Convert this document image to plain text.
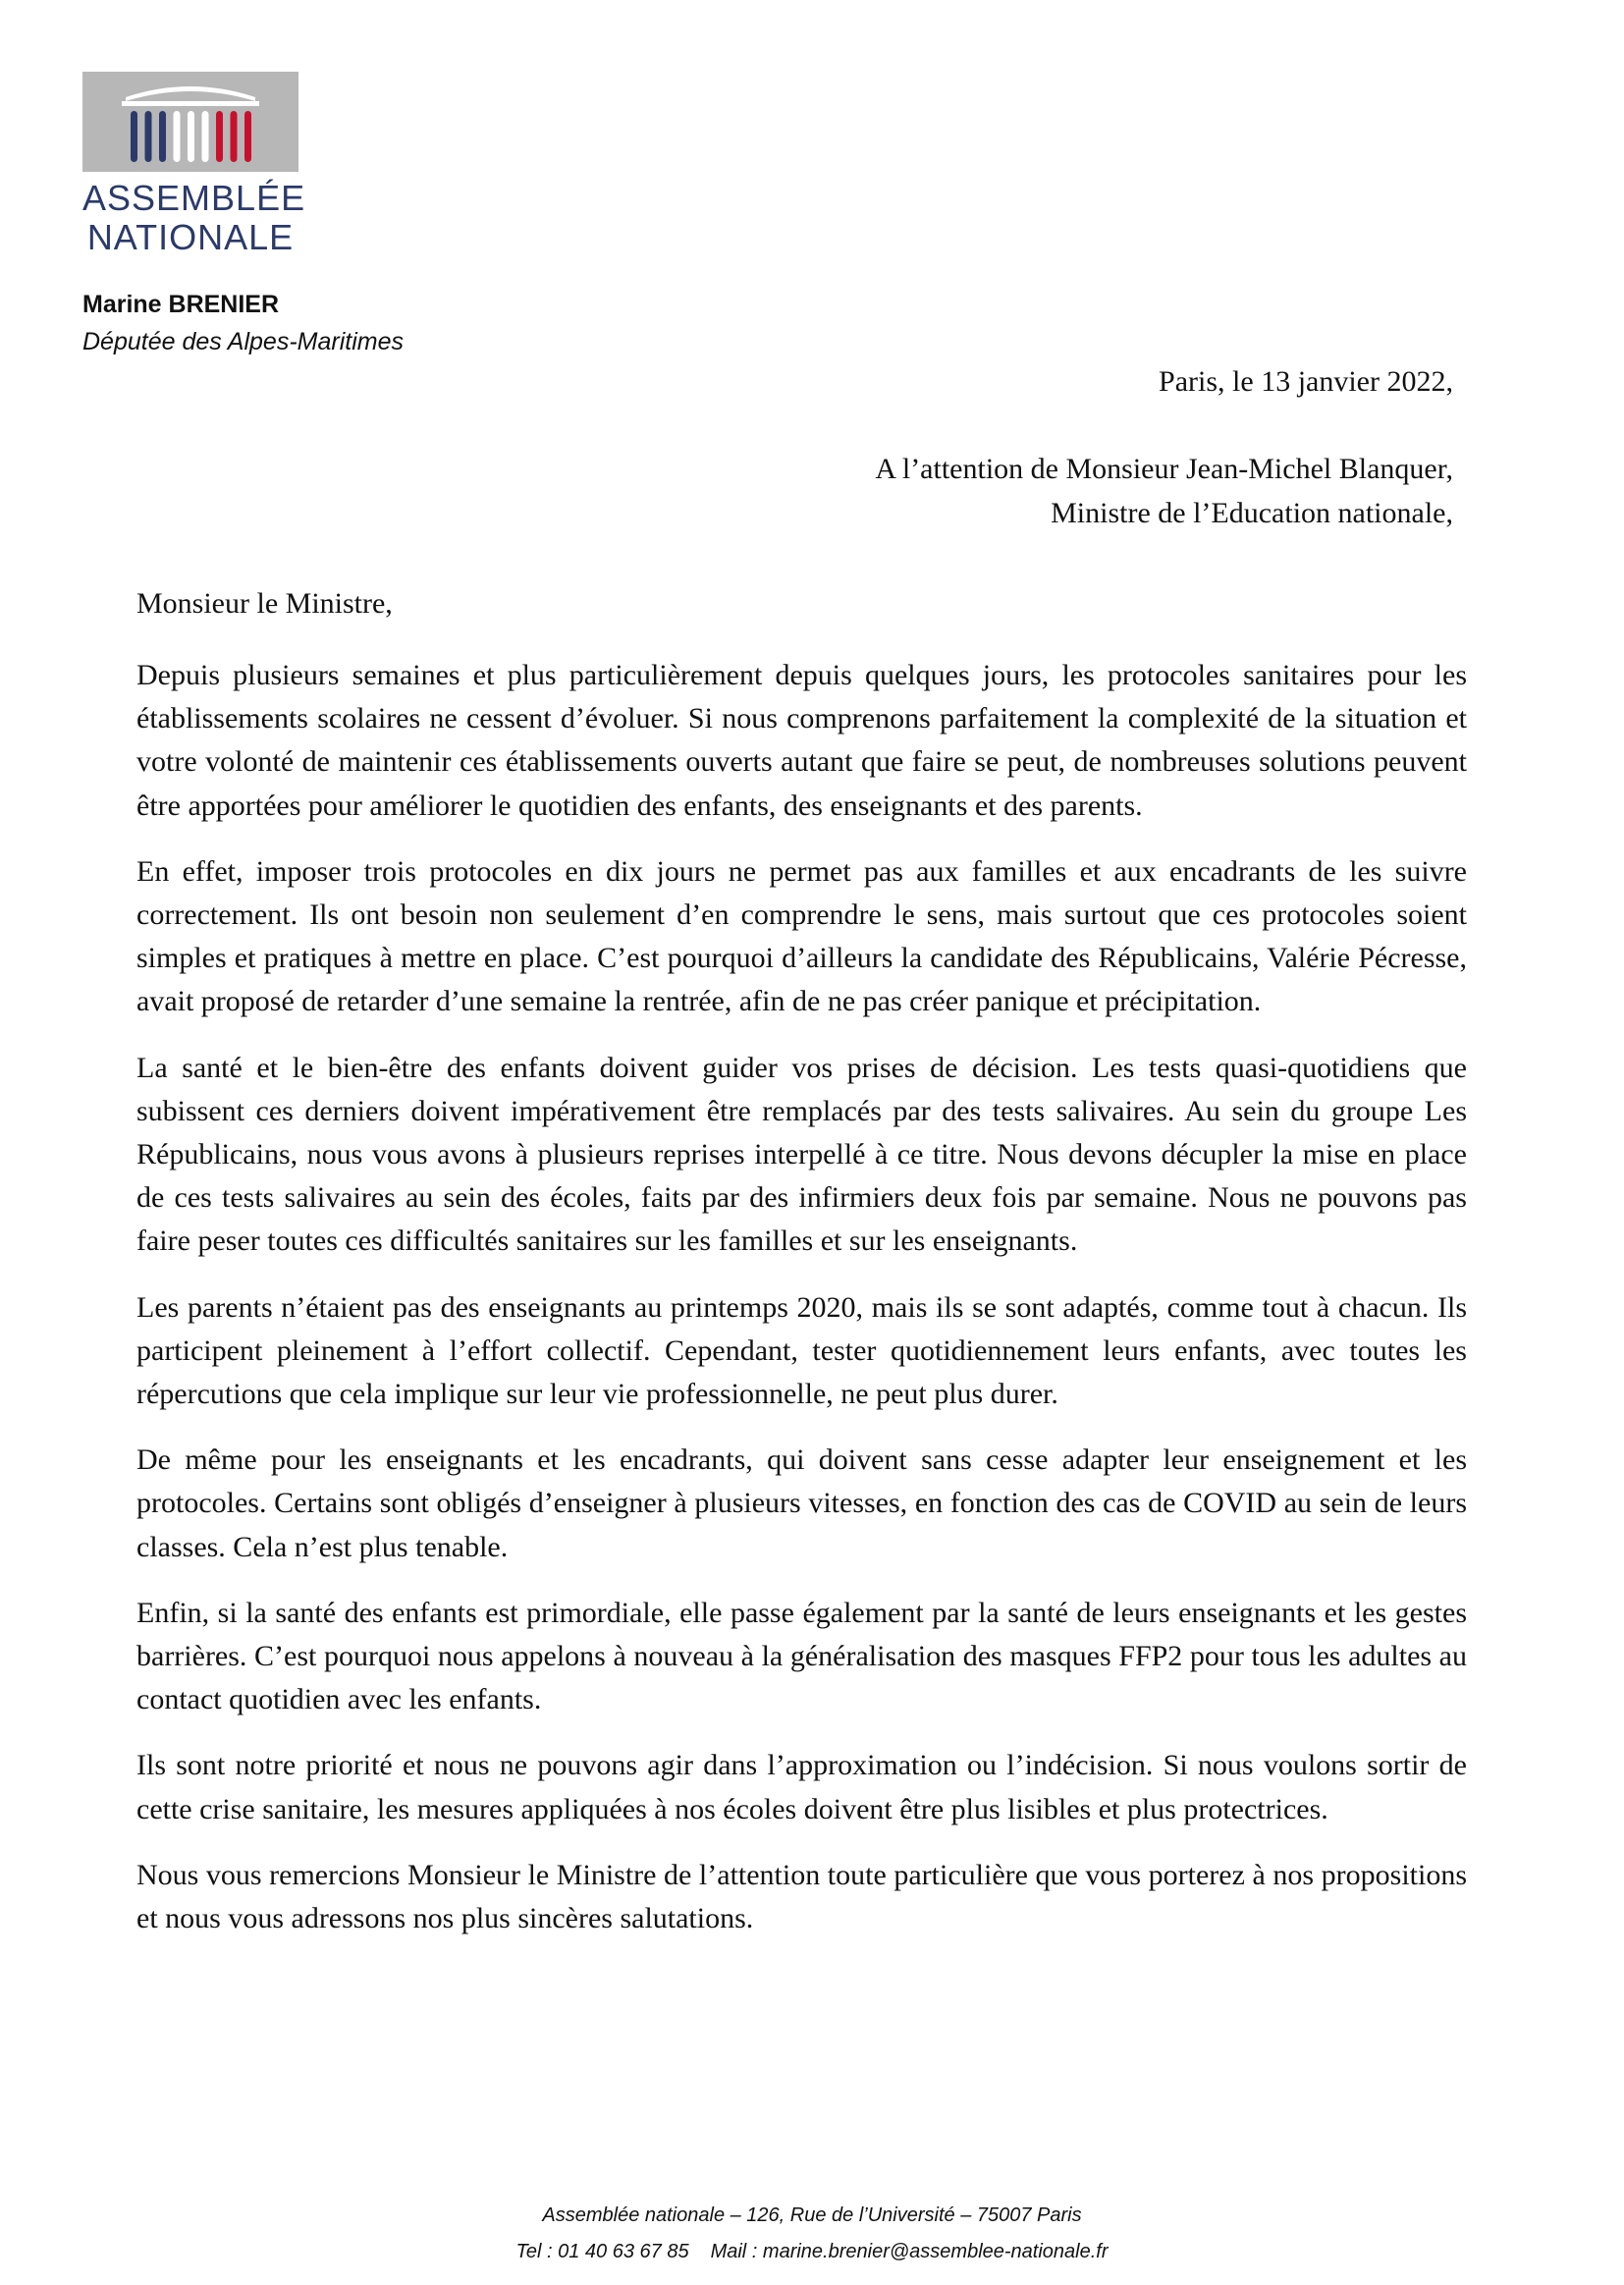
ASSEMBLÉE
NATIONALE
Marine BRENIER
Députée des Alpes-Maritimes
Paris, le 13 janvier 2022,
A l’attention de Monsieur Jean-Michel Blanquer,
Ministre de l’Education nationale,
Monsieur le Ministre,

Depuis plusieurs semaines et plus particulièrement depuis quelques jours, les protocoles sanitaires pour les établissements scolaires ne cessent d’évoluer. Si nous comprenons parfaitement la complexité de la situation et votre volonté de maintenir ces établissements ouverts autant que faire se peut, de nombreuses solutions peuvent être apportées pour améliorer le quotidien des enfants, des enseignants et des parents.

En effet, imposer trois protocoles en dix jours ne permet pas aux familles et aux encadrants de les suivre correctement. Ils ont besoin non seulement d’en comprendre le sens, mais surtout que ces protocoles soient simples et pratiques à mettre en place. C’est pourquoi d’ailleurs la candidate des Républicains, Valérie Pécresse, avait proposé de retarder d’une semaine la rentrée, afin de ne pas créer panique et précipitation.

La santé et le bien-être des enfants doivent guider vos prises de décision. Les tests quasi-quotidiens que subissent ces derniers doivent impérativement être remplacés par des tests salivaires. Au sein du groupe Les Républicains, nous vous avons à plusieurs reprises interpellé à ce titre. Nous devons décupler la mise en place de ces tests salivaires au sein des écoles, faits par des infirmiers deux fois par semaine. Nous ne pouvons pas faire peser toutes ces difficultés sanitaires sur les familles et sur les enseignants.

Les parents n’étaient pas des enseignants au printemps 2020, mais ils se sont adaptés, comme tout à chacun. Ils participent pleinement à l’effort collectif. Cependant, tester quotidiennement leurs enfants, avec toutes les répercutions que cela implique sur leur vie professionnelle, ne peut plus durer.

De même pour les enseignants et les encadrants, qui doivent sans cesse adapter leur enseignement et les protocoles. Certains sont obligés d’enseigner à plusieurs vitesses, en fonction des cas de COVID au sein de leurs classes. Cela n’est plus tenable.

Enfin, si la santé des enfants est primordiale, elle passe également par la santé de leurs enseignants et les gestes barrières. C’est pourquoi nous appelons à nouveau à la généralisation des masques FFP2 pour tous les adultes au contact quotidien avec les enfants.

Ils sont notre priorité et nous ne pouvons agir dans l’approximation ou l’indécision. Si nous voulons sortir de cette crise sanitaire, les mesures appliquées à nos écoles doivent être plus lisibles et plus protectrices.

Nous vous remercions Monsieur le Ministre de l’attention toute particulière que vous porterez à nos propositions et nous vous adressons nos plus sincères salutations.

Assemblée nationale – 126, Rue de l’Université – 75007 Paris
Tel : 01 40 63 67 85 Mail : marine.brenier@assemblee-nationale.fr
